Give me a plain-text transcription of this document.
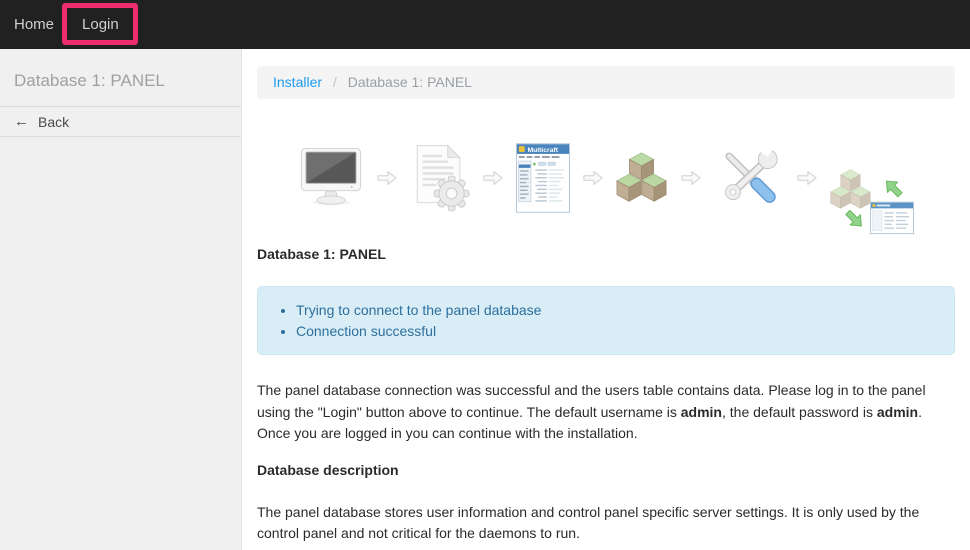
Home Login
Database 1: PANEL
← Back
Installer / Database 1: PANEL
Multicraft
Database 1: PANEL
• Trying to connect to the panel database
• Connection successful

The panel database connection was successful and the users table contains data. Please log in to the panel using the "Login" button above to continue. The default username is admin, the default password is admin. Once you are logged in you can continue with the installation.

Database description

The panel database stores user information and control panel specific server settings. It is only used by the control panel and not critical for the daemons to run.
